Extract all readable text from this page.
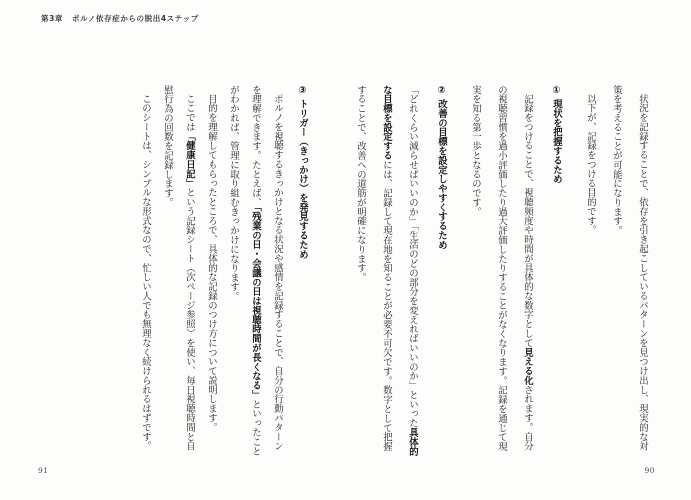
第3章 ポルノ依存症からの脱出4ステップ
状況を記録することで、依存を引き起こしているパターンを見つけ出し、現実的な対策を考えることが可能になります。
以下が、記録をつける目的です。
① 現状を把握するため
記録をつけることで、視聴頻度や時間が具体的な数字として見える化されます。自分の視聴習慣を過小評価したり過大評価したりすることがなくなります。記録を通じて現実を知る第一歩となるのです。
② 改善の目標を設定しやすくするため
「どれくらい減らせばいいのか」「生活のどの部分を変えればいいのか」といった具体的な目標を設定するには、記録して現在地を知ることが必要不可欠です。数字として把握することで、改善への道筋が明確になります。
③ トリガー（きっかけ）を発見するため
ポルノを視聴するきっかけとなる状況や感情を記録することで、自分の行動パターンを理解できます。たとえば、「残業の日・会議の日は視聴時間が長くなる」といったことがわかれば、管理に取り組むきっかけになります。
目的を理解してもらったところで、具体的な記録のつけ方について説明します。
ここでは「健康日記」という記録シート（次ページ参照）を使い、毎日視聴時間と自慰行為の回数を記録します。
このシートは、シンプルな形式なので、忙しい人でも無理なく続けられるはずです。
91	90
